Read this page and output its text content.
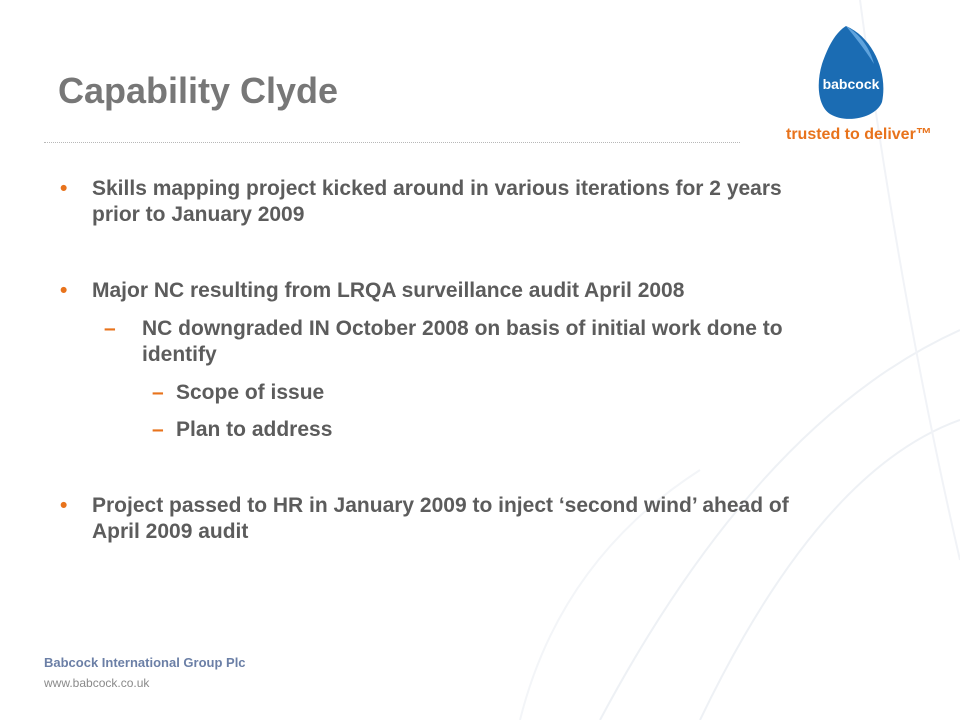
Capability Clyde	babcock
trusted to deliver™
• Skills mapping project kicked around in various iterations for 2 years prior to January 2009
• Major NC resulting from LRQA surveillance audit April 2008
– NC downgraded IN October 2008 on basis of initial work done to identify
– Scope of issue
– Plan to address
• Project passed to HR in January 2009 to inject ‘second wind’ ahead of April 2009 audit
Babcock International Group Plc
www.babcock.co.uk
